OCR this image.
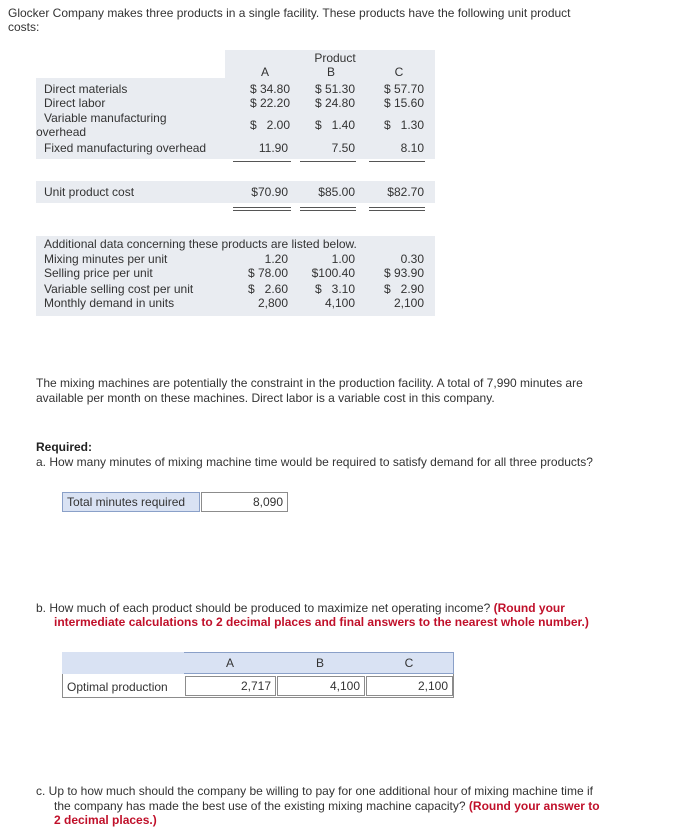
Glocker Company makes three products in a single facility. These products have the following unit product
costs:
Product
A	B	C
Direct materials	$ 34.80	$ 51.30	$ 57.70
Direct labor	$ 22.20	$ 24.80	$ 15.60
Variable manufacturing
overhead	$   2.00	$   1.40	$   1.30
Fixed manufacturing overhead	11.90	7.50	8.10
Unit product cost	$70.90	$85.00	$82.70
Additional data concerning these products are listed below.
Mixing minutes per unit	1.20	1.00	0.30
Selling price per unit	$ 78.00	$100.40	$ 93.90
Variable selling cost per unit	$   2.60	$   3.10	$   2.90
Monthly demand in units	2,800	4,100	2,100
The mixing machines are potentially the constraint in the production facility. A total of 7,990 minutes are
available per month on these machines. Direct labor is a variable cost in this company.
Required:
a. How many minutes of mixing machine time would be required to satisfy demand for all three products?
Total minutes required	8,090
b. How much of each product should be produced to maximize net operating income? (Round your
intermediate calculations to 2 decimal places and final answers to the nearest whole number.)
A	B	C
Optimal production	2,717	4,100	2,100
c. Up to how much should the company be willing to pay for one additional hour of mixing machine time if
the company has made the best use of the existing mixing machine capacity? (Round your answer to
2 decimal places.)
